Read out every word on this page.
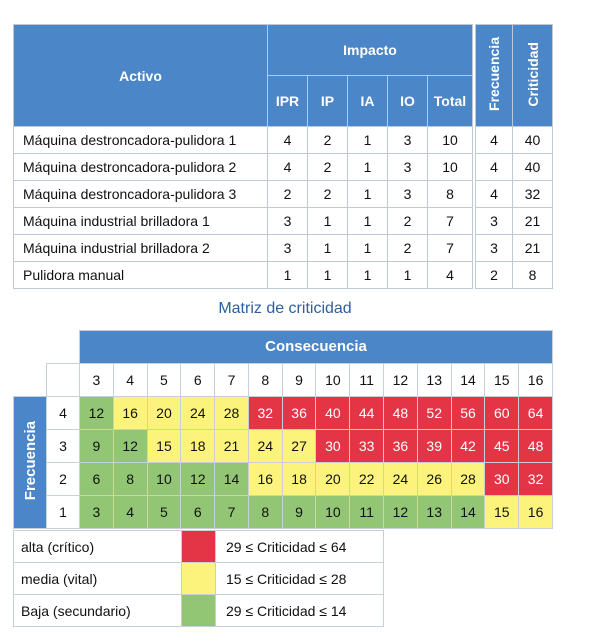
Activo	Impacto						Frecuencia	Criticidad
	IPR	IP	IA	IO	Total			
Máquina destroncadora-pulidora 1	4	2	1	3	10		4	40
Máquina destroncadora-pulidora 2	4	2	1	3	10		4	40
Máquina destroncadora-pulidora 3	2	2	1	3	8		4	32
Máquina industrial brilladora 1	3	1	1	2	7		3	21
Máquina industrial brilladora 2	3	1	1	2	7		3	21
Pulidora manual	1	1	1	1	4		2	8
Matriz de criticidad
		Consecuencia													
		3	4	5	6	7	8	9	10	11	12	13	14	15	16
Frecuencia	4	12	16	20	24	28	32	36	40	44	48	52	56	60	64
	3	9	12	15	18	21	24	27	30	33	36	39	42	45	48
	2	6	8	10	12	14	16	18	20	22	24	26	28	30	32
	1	3	4	5	6	7	8	9	10	11	12	13	14	15	16
alta (crítico)		29 ≤ Criticidad ≤ 64
media (vital)		15 ≤ Criticidad ≤ 28
Baja (secundario)		29 ≤ Criticidad ≤ 14
